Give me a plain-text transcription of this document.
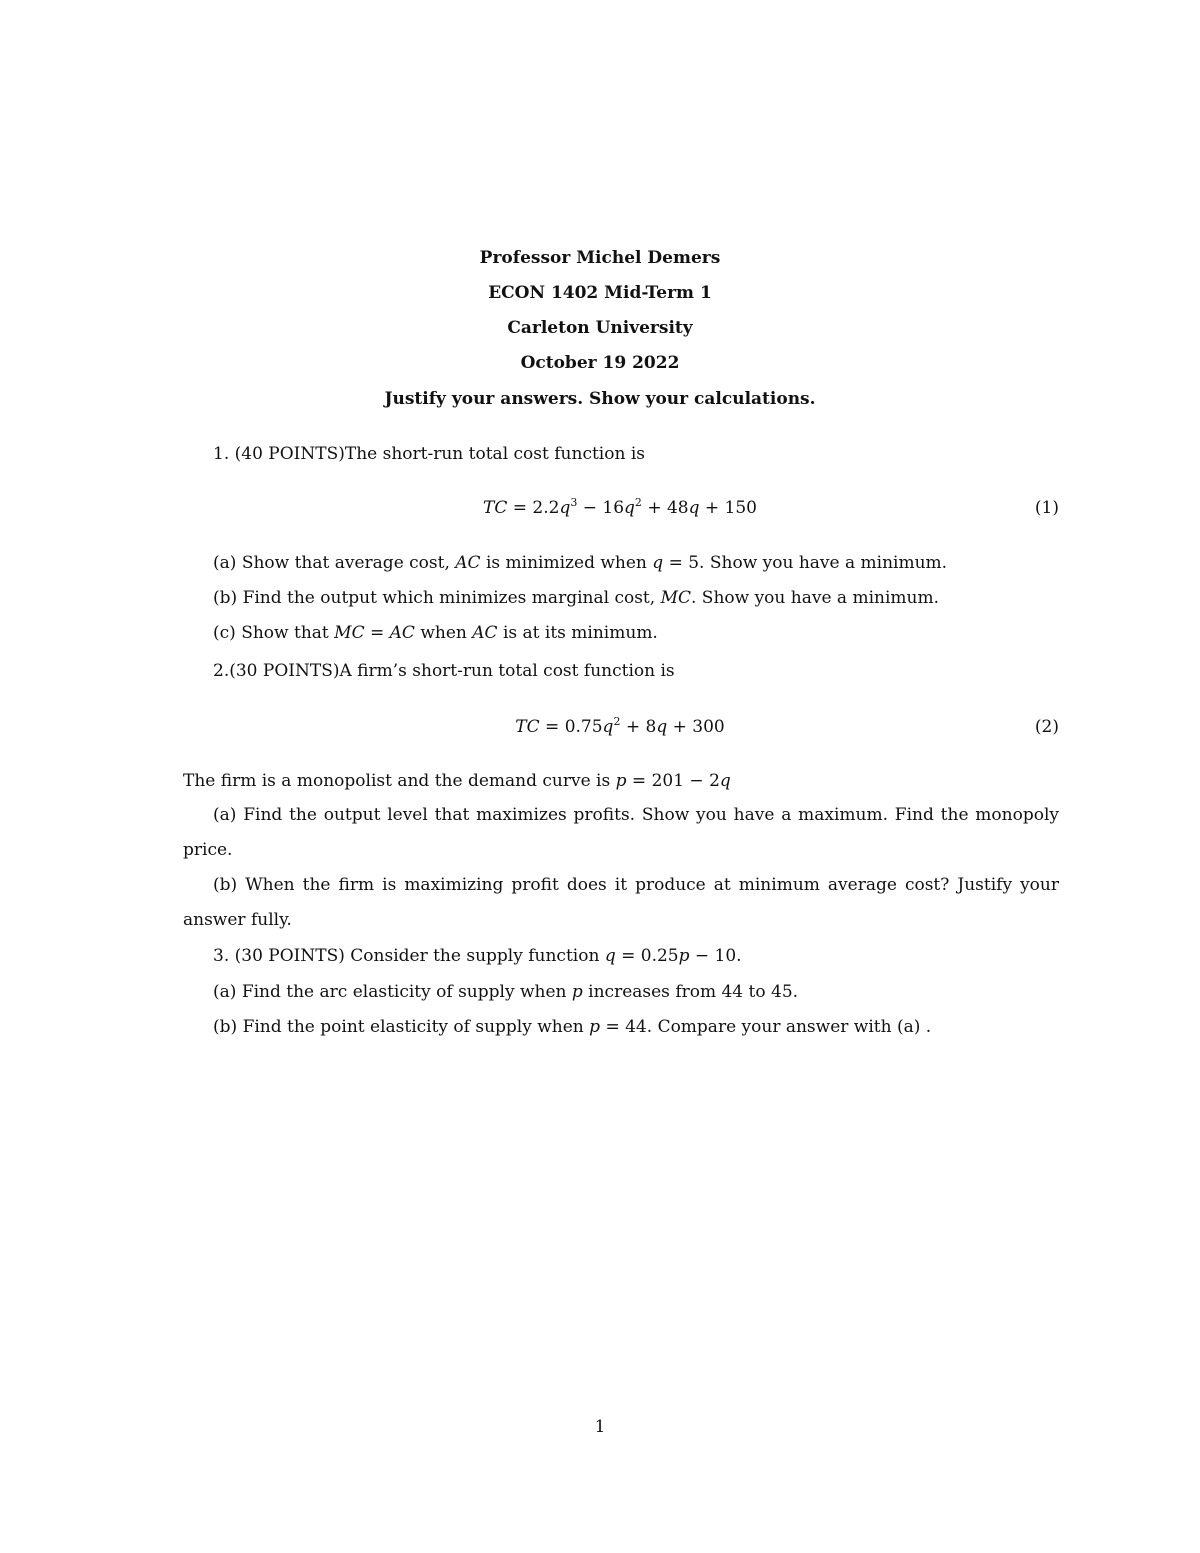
Professor Michel Demers
ECON 1402 Mid-Term 1
Carleton University
October 19 2022
Justify your answers. Show your calculations.
1. (40 POINTS)The short-run total cost function is
TC = $2.2q^3 - 16q^2 + 48q + 150$	(1)
(a) Show that average cost, AC is minimized when q = 5. Show you have a minimum.
(b) Find the output which minimizes marginal cost, MC. Show you have a minimum.
(c) Show that MC = AC when AC is at its minimum.
2.(30 POINTS)A firm’s short-run total cost function is
TC = $0.75q^2 + 8q + 300$	(2)
The firm is a monopolist and the demand curve is p = 201 − 2q
(a) Find the output level that maximizes profits. Show you have a maximum. Find the monopoly
price.
(b) When the firm is maximizing profit does it produce at minimum average cost? Justify your
answer fully.
3. (30 POINTS) Consider the supply function q = 0.25p − 10.
(a) Find the arc elasticity of supply when p increases from 44 to 45.
(b) Find the point elasticity of supply when p = 44. Compare your answer with (a) .
1
